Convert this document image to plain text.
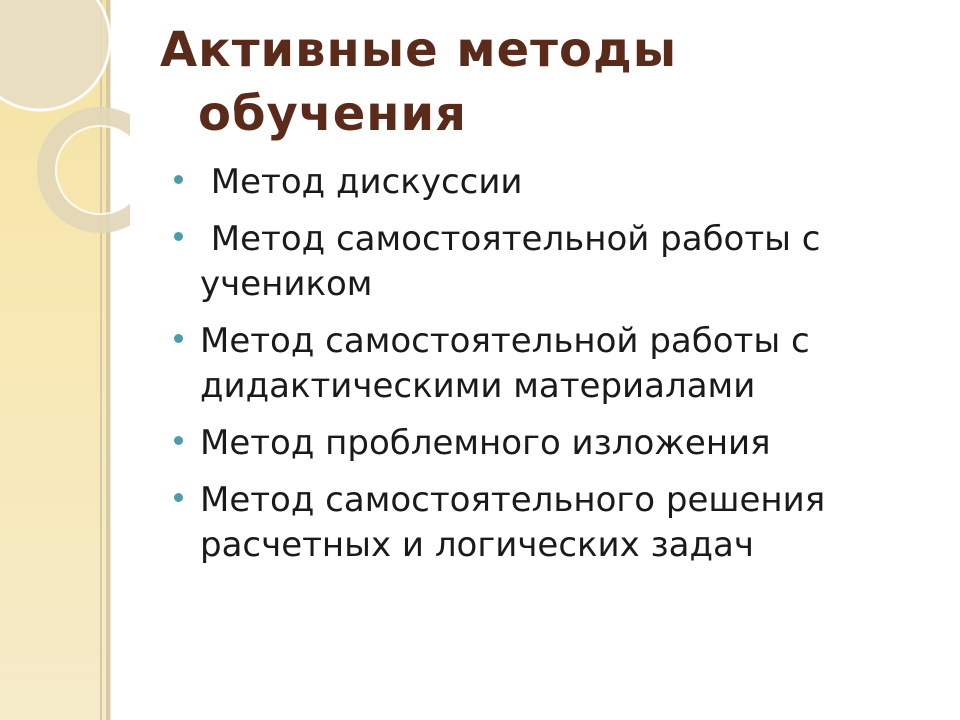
Активные методы
обучения
Метод дискуссии
Метод самостоятельной работы с учеником
Метод самостоятельной работы с дидактическими материалами
Метод проблемного изложения
Метод самостоятельного решения расчетных и логических задач
